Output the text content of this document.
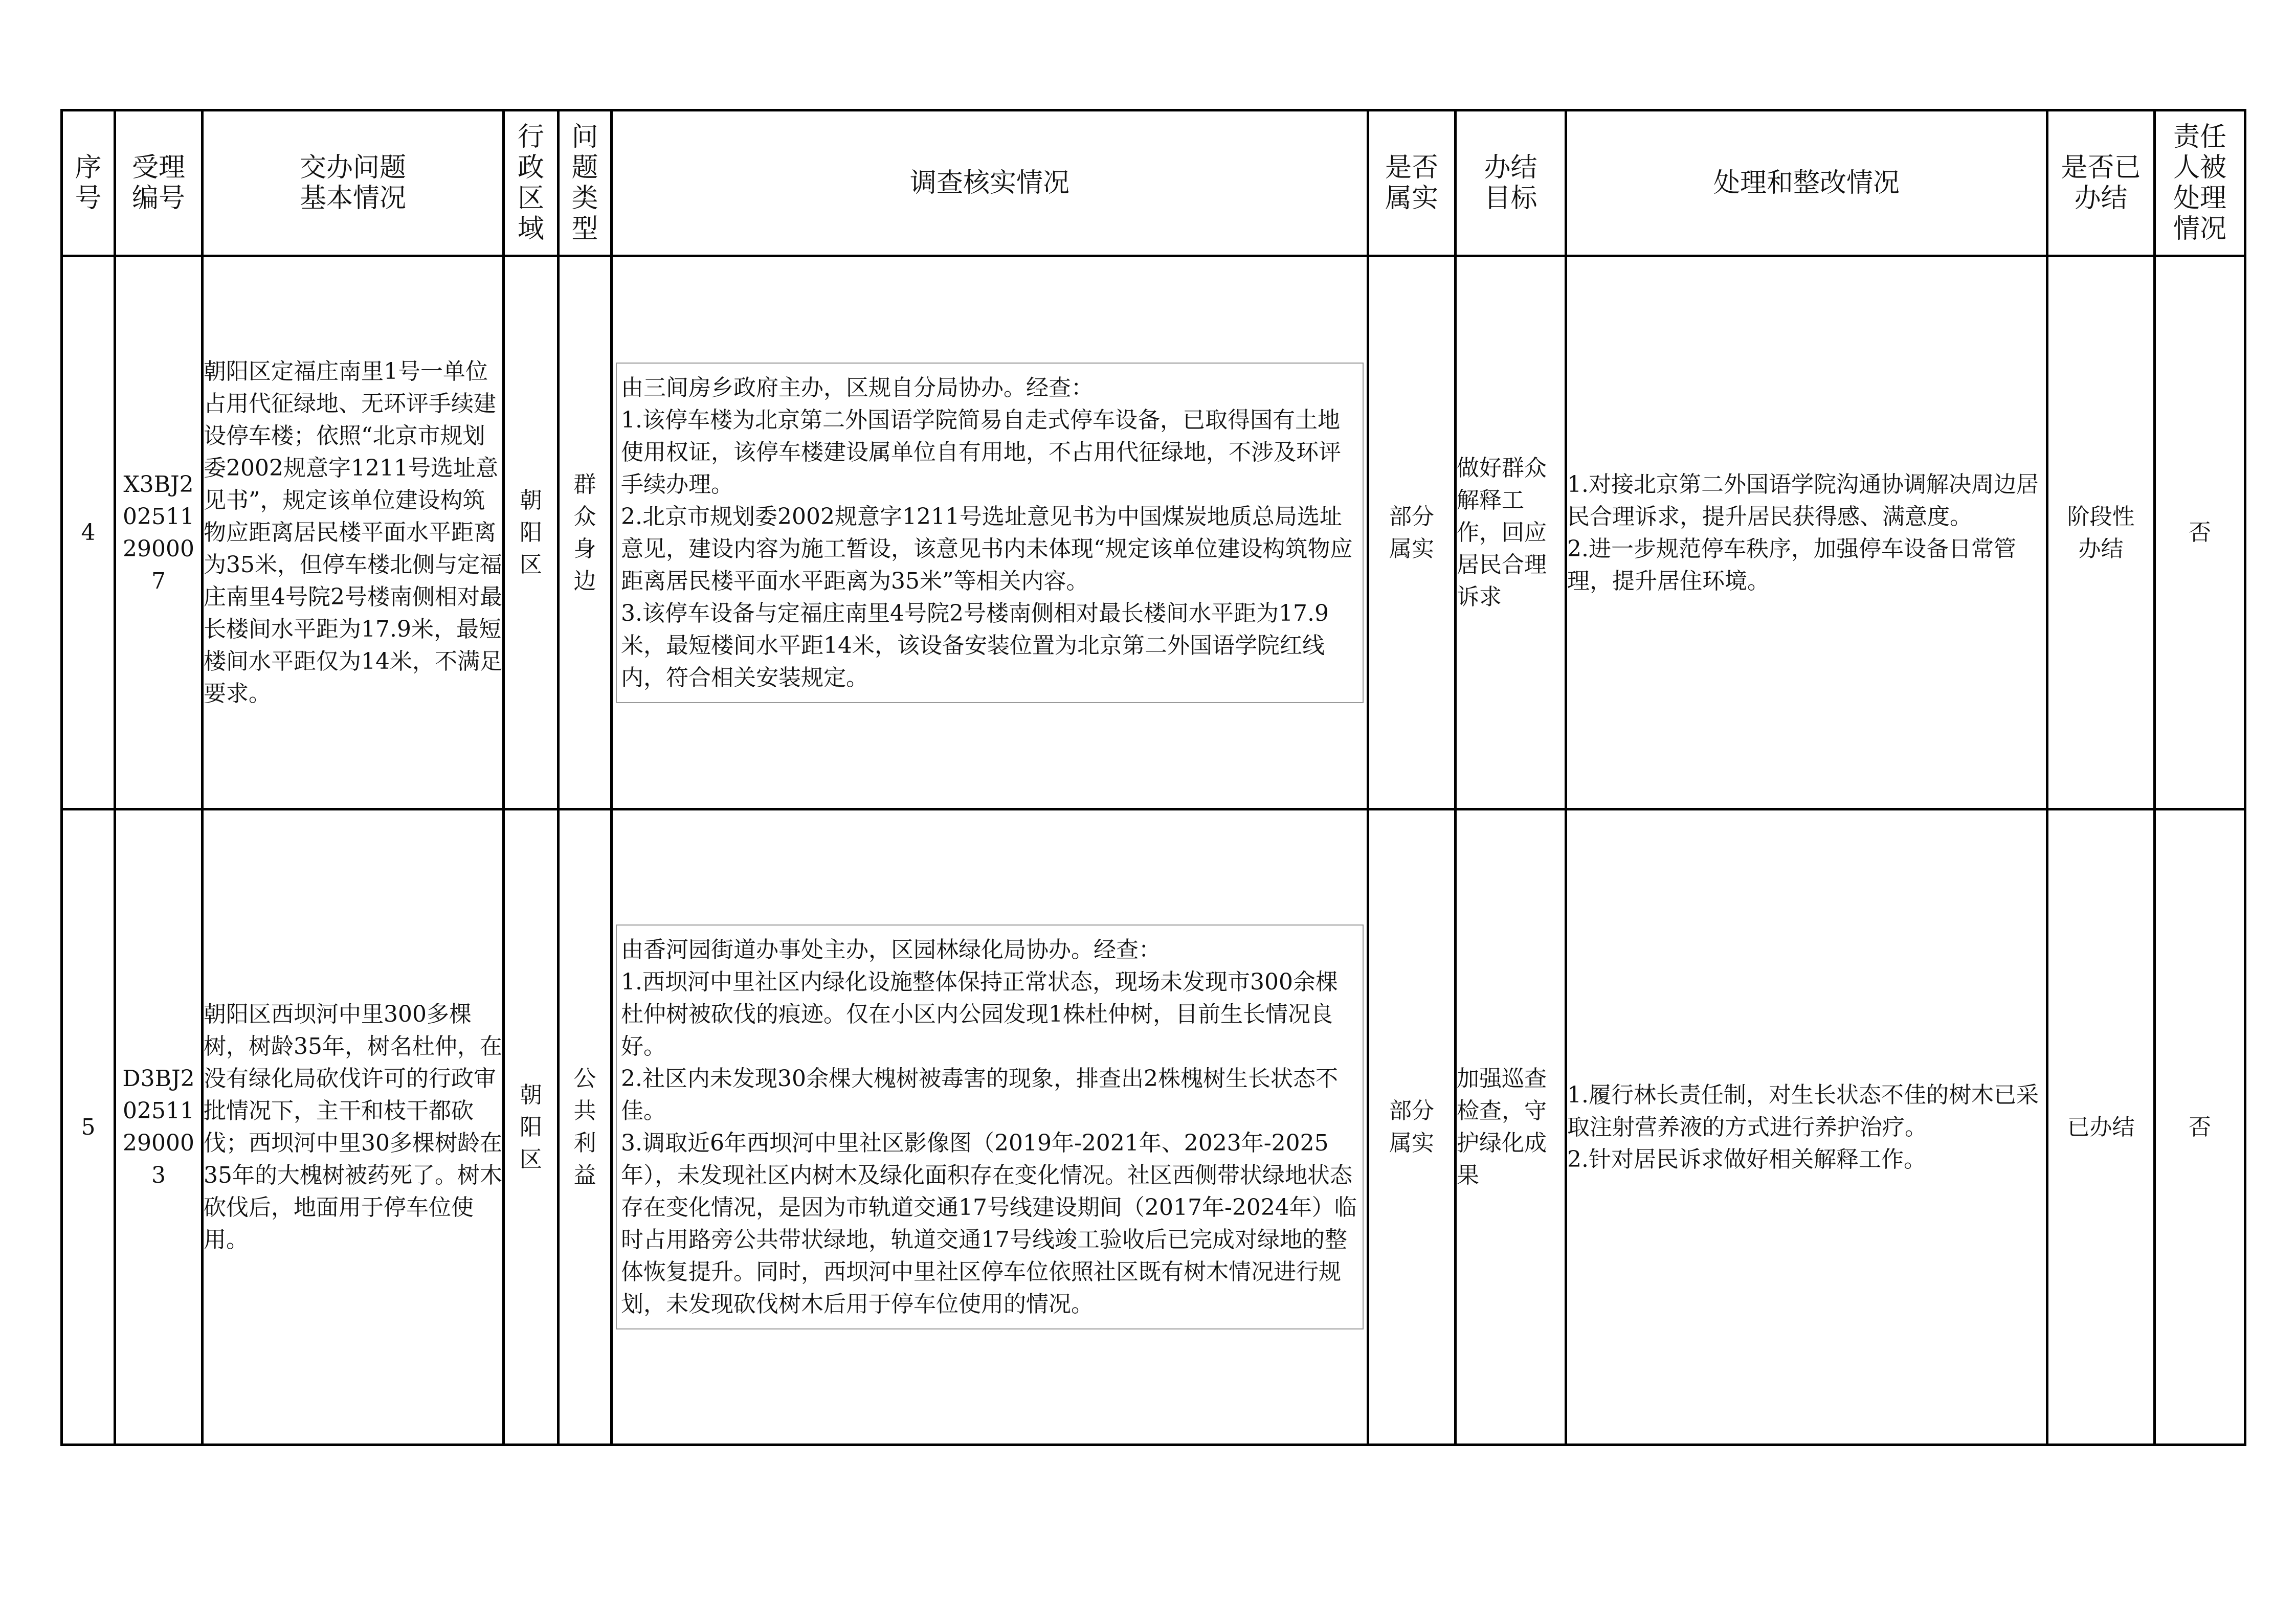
序号	受理编号	交办问题基本情况	行政区域	问题类型	调查核实情况	是否属实	办结目标	处理和整改情况	是否已办结	责任人被处理情况

4	X3BJ202511290007	朝阳区定福庄南里1号一单位 占用代征绿地、无环评手续建设停车楼；依照“北京市规划 委2002规意字1211号选址意见书”，规定该单位建设构筑物应距离居民楼平面水平距离为35米，但停车楼北侧与定福庄南里4号院2号楼南侧相对最长楼间水平距为17.9米，最短楼间水平距仅为14米，不满足要求。	朝阳区	群众身边	由三间房乡政府主办，区规自分局协办。经查：
1.该停车楼为北京第二外国语学院简易自走式停车设备，已取得国有土地使用权证，该停车楼建设属单位自有用地，不占用代征绿地，不涉及环评手续办理。
2.北京市规划委2002规意字1211号选址意见书为中国煤炭地质总局选址意见，建设内容为施工暂设，该意见书内未体现“规定该单位建设构筑物应距离居民楼平面水平距离为35米”等相关内容。
3.该停车设备与定福庄南里4号院2号楼南侧相对最长楼间水平距为17.9米，最短楼间水平距14米，该设备安装位置为北京第二外国语学院红线内，符合相关安装规定。	部分属实	做好群众解释工作，回应居民合理诉求	1.对接北京第二外国语学院沟通协调解决周边居民合理诉求，提升居民获得感、满意度。
2.进一步规范停车秩序，加强停车设备日常管理，提升居住环境。	阶段性办结	否
5	D3BJ202511290003	朝阳区西坝河中里300多棵树，树龄35年，树名杜仲，在没有绿化局砍伐许可的行政审批情况下，主干和枝干都砍伐；西坝河中里30多棵树龄在35年的大槐树被药死了。树木砍伐后，地面用于停车位使用。	朝阳区	公共利益	由香河园街道办事处主办，区园林绿化局协办。经查：
1.西坝河中里社区内绿化设施整体保持正常状态，现场未发现市300余棵杜仲树被砍伐的痕迹。仅在小区内公园发现1株杜仲树，目前生长情况良好。
2.社区内未发现30余棵大槐树被毒害的现象，排查出2株槐树生长状态不佳。
3.调取近6年西坝河中里社区影像图（2019年-2021年、2023年-2025年），未发现社区内树木及绿化面积存在变化情况。社区西侧带状绿地状态存在变化情况，是因为市轨道交通17号线建设期间（2017年-2024年）临时占用路旁公共带状绿地，轨道交通17号线竣工验收后已完成对绿地的整体恢复提升。同时，西坝河中里社区停车位依照社区既有树木情况进行规划，未发现砍伐树木后用于停车位使用的情况。	部分属实	加强巡查检查，守护绿化成果	1.履行林长责任制，对生长状态不佳的树木已采取注射营养液的方式进行养护治疗。
2.针对居民诉求做好相关解释工作。	已办结	否
